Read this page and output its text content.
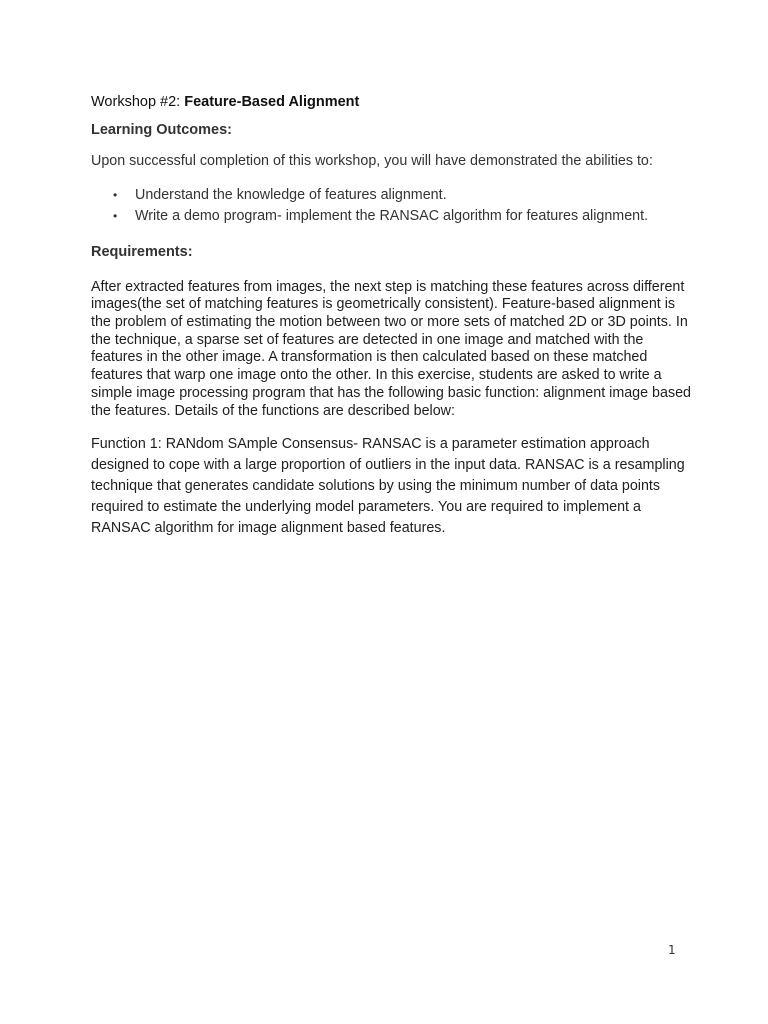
Workshop #2: Feature-Based Alignment
Learning Outcomes:

Upon successful completion of this workshop, you will have demonstrated the abilities to:

• Understand the knowledge of features alignment.
• Write a demo program- implement the RANSAC algorithm for features alignment.
Requirements:

After extracted features from images, the next step is matching these features across different images(the set of matching features is geometrically consistent). Feature-based alignment is the problem of estimating the motion between two or more sets of matched 2D or 3D points. In the technique, a sparse set of features are detected in one image and matched with the features in the other image. A transformation is then calculated based on these matched features that warp one image onto the other. In this exercise, students are asked to write a simple image processing program that has the following basic function: alignment image based the features. Details of the functions are described below:

Function 1: RANdom SAmple Consensus- RANSAC is a parameter estimation approach designed to cope with a large proportion of outliers in the input data. RANSAC is a resampling technique that generates candidate solutions by using the minimum number of data points required to estimate the underlying model parameters. You are required to implement a RANSAC algorithm for image alignment based features.

1
